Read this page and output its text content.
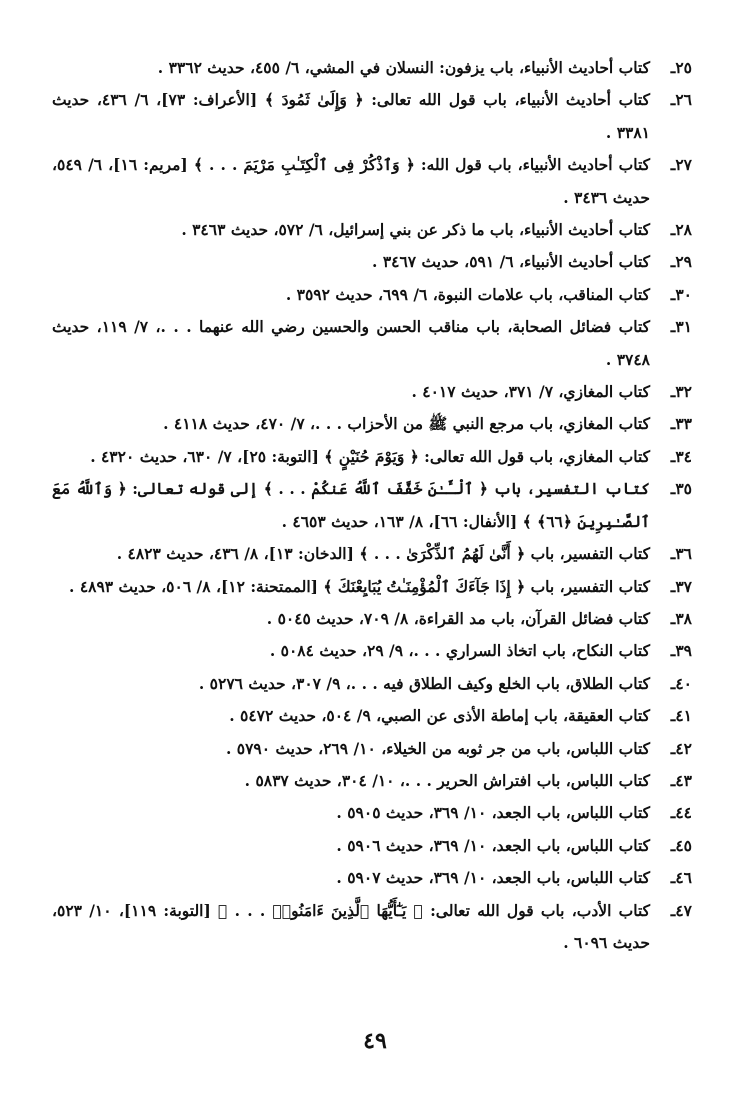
٢٥ـ
كتاب أحاديث الأنبياء، باب يزفون: النسلان في المشي، ٦/ ٤٥٥، حديث ٣٣٦٢ .
٢٦ـ
كتاب أحاديث الأنبياء، باب قول الله تعالى: ﴿ وَإِلَىٰ ثَمُودَ ﴾ [الأعراف: ٧٣]، ٦/ ٤٣٦، حديث ٣٣٨١ .
٢٧ـ
كتاب أحاديث الأنبياء، باب قول الله: ﴿ وَٱذْكُرْ فِى ٱلْكِتَـٰبِ مَرْيَمَ . . . ﴾ [مريم: ١٦]، ٦/ ٥٤٩، حديث ٣٤٣٦ .
٢٨ـ
كتاب أحاديث الأنبياء، باب ما ذكر عن بني إسرائيل، ٦/ ٥٧٢، حديث ٣٤٦٣ .
٢٩ـ
كتاب أحاديث الأنبياء، ٦/ ٥٩١، حديث ٣٤٦٧ .
٣٠ـ
كتاب المناقب، باب علامات النبوة، ٦/ ٦٩٩، حديث ٣٥٩٢ .
٣١ـ
كتاب فضائل الصحابة، باب مناقب الحسن والحسين رضي الله عنهما . . .، ٧/ ١١٩، حديث ٣٧٤٨ .
٣٢ـ
كتاب المغازي، ٧/ ٣٧١، حديث ٤٠١٧ .
٣٣ـ
كتاب المغازي، باب مرجع النبي ﷺ من الأحزاب . . .، ٧/ ٤٧٠، حديث ٤١١٨ .
٣٤ـ
كتاب المغازي، باب قول الله تعالى: ﴿ وَيَوْمَ حُنَيْنٍ ﴾ [التوبة: ٢٥]، ٧/ ٦٣٠، حديث ٤٣٢٠ .
٣٥ـ
كتاب التفسير، باب ﴿ ٱلْـَٔـٰنَ خَفَّفَ ٱللَّهُ عَنكُمْ . . . ﴾ إلى قوله تعالى: ﴿ وَٱللَّهُ مَعَ ٱلصَّـٰبِرِينَ ﴿٦٦﴾ ﴾ [الأنفال: ٦٦]، ٨/ ١٦٣، حديث ٤٦٥٣ .
٣٦ـ
كتاب التفسير، باب ﴿ أَنَّىٰ لَهُمُ ٱلذِّكْرَىٰ . . . ﴾ [الدخان: ١٣]، ٨/ ٤٣٦، حديث ٤٨٢٣ .
٣٧ـ
كتاب التفسير، باب ﴿ إِذَا جَآءَكَ ٱلْمُؤْمِنَـٰتُ يُبَايِعْنَكَ ﴾ [الممتحنة: ١٢]، ٨/ ٥٠٦، حديث ٤٨٩٣ .
٣٨ـ
كتاب فضائل القرآن، باب مد القراءة، ٨/ ٧٠٩، حديث ٥٠٤٥ .
٣٩ـ
كتاب النكاح، باب اتخاذ السراري . . .، ٩/ ٢٩، حديث ٥٠٨٤ .
٤٠ـ
كتاب الطلاق، باب الخلع وكيف الطلاق فيه . . .، ٩/ ٣٠٧، حديث ٥٢٧٦ .
٤١ـ
كتاب العقيقة، باب إماطة الأذى عن الصبي، ٩/ ٥٠٤، حديث ٥٤٧٢ .
٤٢ـ
كتاب اللباس، باب من جر ثوبه من الخيلاء، ١٠/ ٢٦٩، حديث ٥٧٩٠ .
٤٣ـ
كتاب اللباس، باب افتراش الحرير . . .، ١٠/ ٣٠٤، حديث ٥٨٣٧ .
٤٤ـ
كتاب اللباس، باب الجعد، ١٠/ ٣٦٩، حديث ٥٩٠٥ .
٤٥ـ
كتاب اللباس، باب الجعد، ١٠/ ٣٦٩، حديث ٥٩٠٦ .
٤٦ـ
كتاب اللباس، باب الجعد، ١٠/ ٣٦٩، حديث ٥٩٠٧ .
٤٧ـ
كتاب الأدب، باب قول الله تعالى: ﴿ يَـٰٓأَيُّهَا ٱلَّذِينَ ءَامَنُوا۟ . . . ﴾ [التوبة: ١١٩]، ١٠/ ٥٢٣، حديث ٦٠٩٦ .
٤٩
